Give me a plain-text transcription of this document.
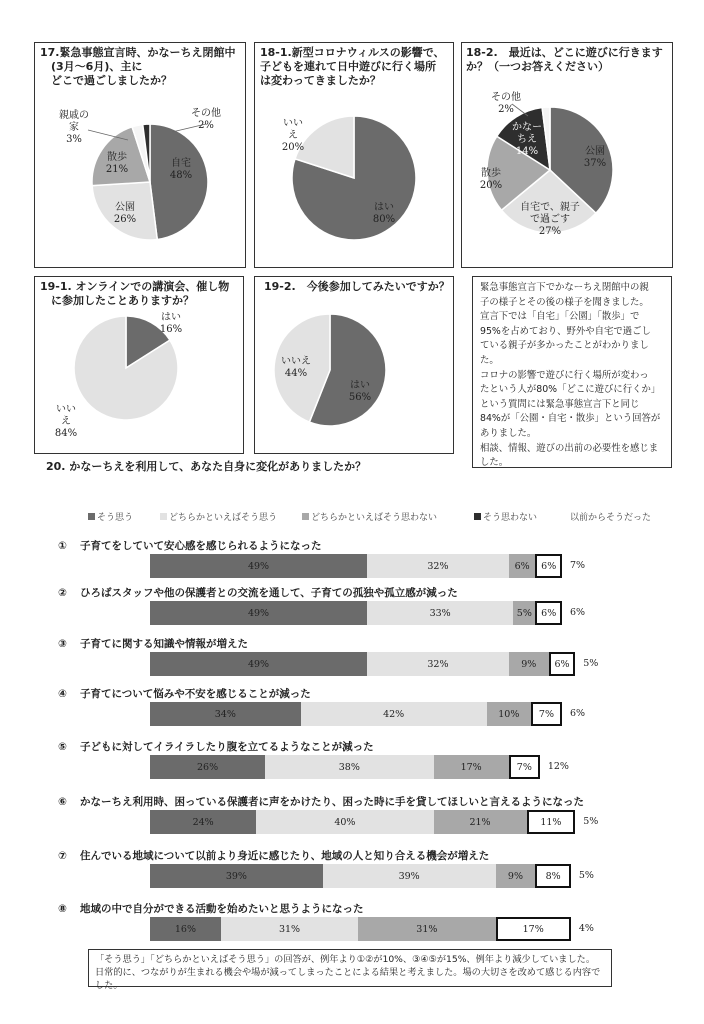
17.緊急事態宣言時、かなーちえ閉館中
　(3月～6月)、主に
　どこで過ごしましたか？
18-1.新型コロナウィルスの影響で、
子どもを連れて日中遊びに行く場所
は変わってきましたか？
18-2.　最近は、どこに遊びに行きます
か？（一つお答えください）
19-1. オンラインでの講演会、催し物
　に参加したことありますか？
19-2.　今後参加してみたいですか？
自宅
48%
公園
26%
散歩
21%
親戚の
家
3%
その他
2%
はい
80%
いい
え
20%	公園
37%
自宅で、親子
で過ごす
27%
散歩
20%
かなー
ちえ
14%
その他
2%
はい
16%
いい
え
84%
はい
56%
いいえ
44%
緊急事態宣言下でかなーちえ閉館中の親
子の様子とその後の様子を聞きました。
宣言下では「自宅」「公園」「散歩」で
95%を占めており、野外や自宅で過ごし
ている親子が多かったことがわかりまし
た。
コロナの影響で遊びに行く場所が変わっ
たという人が80%「どこに遊びに行くか」
という質問には緊急事態宣言下と同じ
84%が「公園・自宅・散歩」という回答が
ありました。
相談、情報、遊びの出前の必要性を感じま
した。
20. かなーちえを利用して、あなた自身に変化がありましたか？
そう思う	どちらかといえばそう思う	どちらかといえばそう思わない	そう思わない	以前からそうだった
① 子育てをしていて安心感を感じられるようになった
49%	32%	6%	6%	7%
② ひろばスタッフや他の保護者との交流を通して、子育ての孤独や孤立感が減った
49%	33%	5% 6%	6%
③ 子育てに関する知識や情報が増えた
49%	32%	9%	6%	5%
④ 子育てについて悩みや不安を感じることが減った
34%	42%	10%	7%	6%
⑤ 子どもに対してイライラしたり腹を立てるようなことが減った
26%	38%	17%	7%	12%
⑥ かなーちえ利用時、困っている保護者に声をかけたり、困った時に手を貸してほしいと言えるようになった
24%	40%	21%	11%	5%
⑦ 住んでいる地域について以前より身近に感じたり、地域の人と知り合える機会が増えた
39%	39%	9%	8%	5%
⑧ 地域の中で自分ができる活動を始めたいと思うようになった
16%	31%	31%	17%	4%
「そう思う」「どちらかといえばそう思う」の回答が、例年より①②が10%、③④⑤が15%、例年より減少していました。
日常的に、つながりが生まれる機会や場が減ってしまったことによる結果と考えました。場の大切さを改めて感じる内容でした。
